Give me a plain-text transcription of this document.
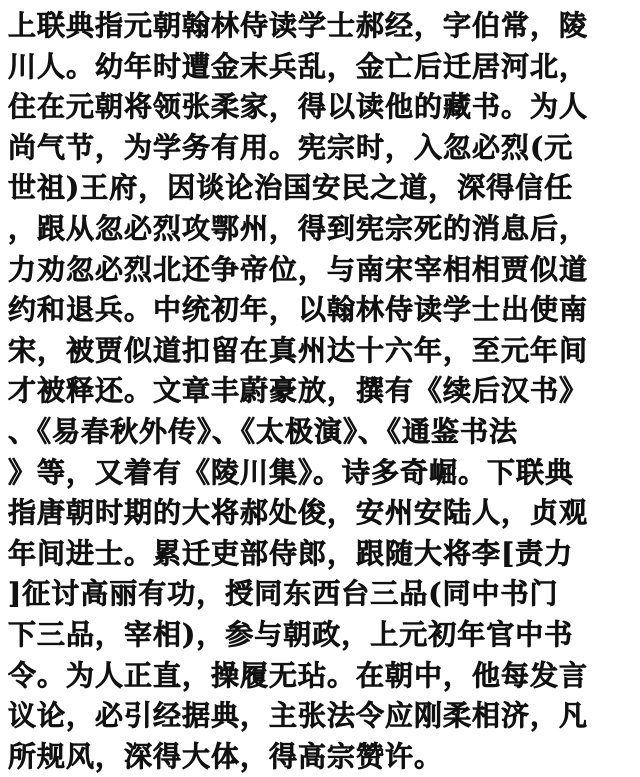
上联典指元朝翰林侍读学士郝经，字伯常，陵
川人。幼年时遭金末兵乱，金亡后迁居河北，
住在元朝将领张柔家，得以读他的藏书。为人
尚气节，为学务有用。宪宗时，入忽必烈(元
世祖)王府，因谈论治国安民之道，深得信任
，跟从忽必烈攻鄂州，得到宪宗死的消息后，
力劝忽必烈北还争帝位，与南宋宰相相贾似道
约和退兵。中统初年，以翰林侍读学士出使南
宋，被贾似道扣留在真州达十六年，至元年间
才被释还。文章丰蔚豪放，撰有《续后汉书》
、《易春秋外传》、《太极演》、《通鉴书法
》等，又着有《陵川集》。诗多奇崛。下联典
指唐朝时期的大将郝处俊，安州安陆人，贞观
年间进士。累迁吏部侍郎，跟随大将李[责力
]征讨高丽有功，授同东西台三品(同中书门
下三品，宰相)，参与朝政，上元初年官中书
令。为人正直，操履无玷。在朝中，他每发言
议论，必引经据典，主张法令应刚柔相济，凡
所规风，深得大体，得高宗赞许。
